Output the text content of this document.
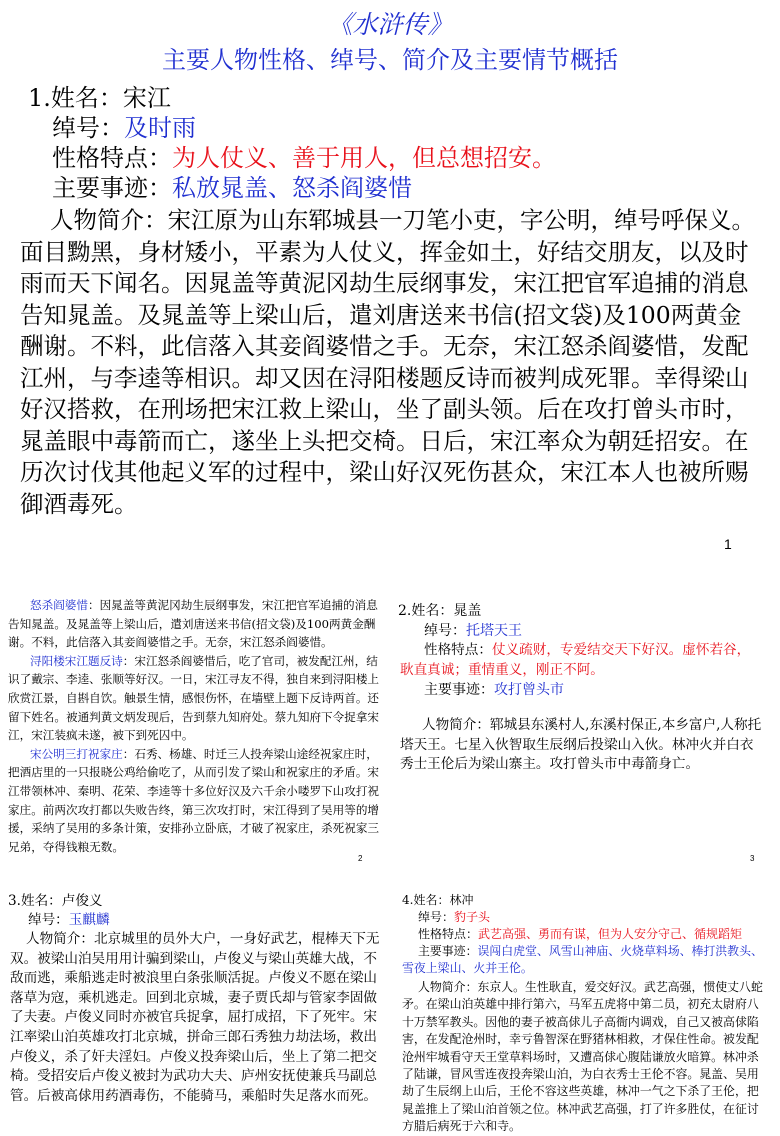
《水浒传》
主要人物性格、绰号、简介及主要情节概括
1.姓名：宋江
绰号：及时雨
性格特点：为人仗义、善于用人，但总想招安。
主要事迹：私放晁盖、怒杀阎婆惜
人物简介：宋江原为山东郓城县一刀笔小吏，字公明，绰号呼保义。面目黝黑，身材矮小，平素为人仗义，挥金如土，好结交朋友，以及时雨而天下闻名。因晁盖等黄泥冈劫生辰纲事发，宋江把官军追捕的消息告知晁盖。及晁盖等上梁山后，遣刘唐送来书信(招文袋)及100两黄金酬谢。不料，此信落入其妾阎婆惜之手。无奈，宋江怒杀阎婆惜，发配江州，与李逵等相识。却又因在浔阳楼题反诗而被判成死罪。幸得梁山好汉搭救，在刑场把宋江救上梁山，坐了副头领。后在攻打曾头市时，晁盖眼中毒箭而亡，遂坐上头把交椅。日后，宋江率众为朝廷招安。在历次讨伐其他起义军的过程中，梁山好汉死伤甚众，宋江本人也被所赐御酒毒死。
1

怒杀阎婆惜：因晁盖等黄泥冈劫生辰纲事发，宋江把官军追捕的消息告知晁盖。及晁盖等上梁山后，遣刘唐送来书信(招文袋)及100两黄金酬谢。不料，此信落入其妾阎婆惜之手。无奈，宋江怒杀阎婆惜。

浔阳楼宋江题反诗：宋江怒杀阎婆惜后，吃了官司，被发配江州，结识了戴宗、李逵、张顺等好汉。一日，宋江寻友不得，独自来到浔阳楼上欣赏江景，自斟自饮。触景生情，感恨伤怀，在墙壁上题下反诗两首。还留下姓名。被通判黄文炳发现后，告到蔡九知府处。蔡九知府下令捉拿宋江，宋江装疯未遂，被下到死囚中。

宋公明三打祝家庄：石秀、杨雄、时迁三人投奔梁山途经祝家庄时，把酒店里的一只报晓公鸡给偷吃了，从而引发了梁山和祝家庄的矛盾。宋江带领林冲、秦明、花荣、李逵等十多位好汉及六千余小喽罗下山攻打祝家庄。前两次攻打都以失败告终，第三次攻打时，宋江得到了吴用等的增援，采纳了吴用的多条计策，安排孙立卧底，才破了祝家庄，杀死祝家三兄弟，夺得钱粮无数。

2
2.姓名：晁盖
绰号：托塔天王
性格特点：仗义疏财，专爱结交天下好汉。虚怀若谷，耿直真诚；重情重义，刚正不阿。
主要事迹：攻打曾头市
人物简介：郓城县东溪村人,东溪村保正,本乡富户,人称托塔天王。七星入伙智取生辰纲后投梁山入伙。林冲火并白衣秀士王伦后为梁山寨主。攻打曾头市中毒箭身亡。
3
3.姓名：卢俊义
绰号：玉麒麟
人物简介：北京城里的员外大户，一身好武艺，棍棒天下无双。被梁山泊吴用用计骗到梁山，卢俊义与梁山英雄大战，不敌而逃，乘船逃走时被浪里白条张顺活捉。卢俊义不愿在梁山落草为寇，乘机逃走。回到北京城，妻子贾氏却与管家李固做了夫妻。卢俊义同时亦被官兵捉拿，屈打成招，下了死牢。宋江率梁山泊英雄攻打北京城，拼命三郎石秀独力劫法场，救出卢俊义，杀了奸夫淫妇。卢俊义投奔梁山后，坐上了第二把交椅。受招安后卢俊义被封为武功大夫、庐州安抚使兼兵马副总管。后被高俅用药酒毒伤，不能骑马，乘船时失足落水而死。
4.姓名：林冲
绰号：豹子头
性格特点：武艺高强、勇而有谋，但为人安分守己、循规蹈矩
主要事迹：误闯白虎堂、风雪山神庙、火烧草料场、棒打洪教头、雪夜上梁山、火并王伦。
人物简介：东京人。生性耿直，爱交好汉。武艺高强，惯使丈八蛇矛。在梁山泊英雄中排行第六，马军五虎将中第二员，初充太尉府八十万禁军教头。因他的妻子被高俅儿子高衙内调戏，自己又被高俅陷害，在发配沧州时，幸亏鲁智深在野猪林相救，才保住性命。被发配沧州牢城看守天王堂草料场时，又遭高俅心腹陆谦放火暗算。林冲杀了陆谦，冒风雪连夜投奔梁山泊，为白衣秀士王伦不容。晁盖、吴用劫了生辰纲上山后，王伦不容这些英雄，林冲一气之下杀了王伦，把晁盖推上了梁山泊首领之位。林冲武艺高强，打了许多胜仗，在征讨方腊后病死于六和寺。
